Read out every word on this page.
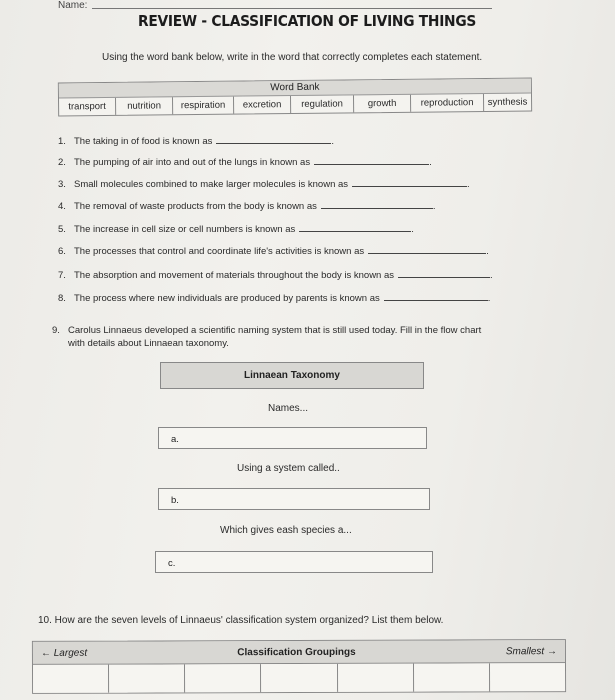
Name:
REVIEW - CLASSIFICATION OF LIVING THINGS
Using the word bank below, write in the word that correctly completes each statement.
Word Bank
transport	nutrition	respiration	excretion	regulation	growth	reproduction	synthesis
1. The taking in of food is known as	.
2. The pumping of air into and out of the lungs in known as	.
3. Small molecules combined to make larger molecules is known as	.
4. The removal of waste products from the body is known as	.
5. The increase in cell size or cell numbers is known as	.
6. The processes that control and coordinate life's activities is known as	.
7. The absorption and movement of materials throughout the body is known as	.
8. The process where new individuals are produced by parents is known as	.
9. Carolus Linnaeus developed a scientific naming system that is still used today. Fill in the flow chart
with details about Linnaean taxonomy.
Linnaean Taxonomy
Names...
a.
Using a system called..
b.
Which gives eash species a...
c.
10. How are the seven levels of Linnaeus' classification system organized? List them below.
← Largest	Classification Groupings	Smallest →
